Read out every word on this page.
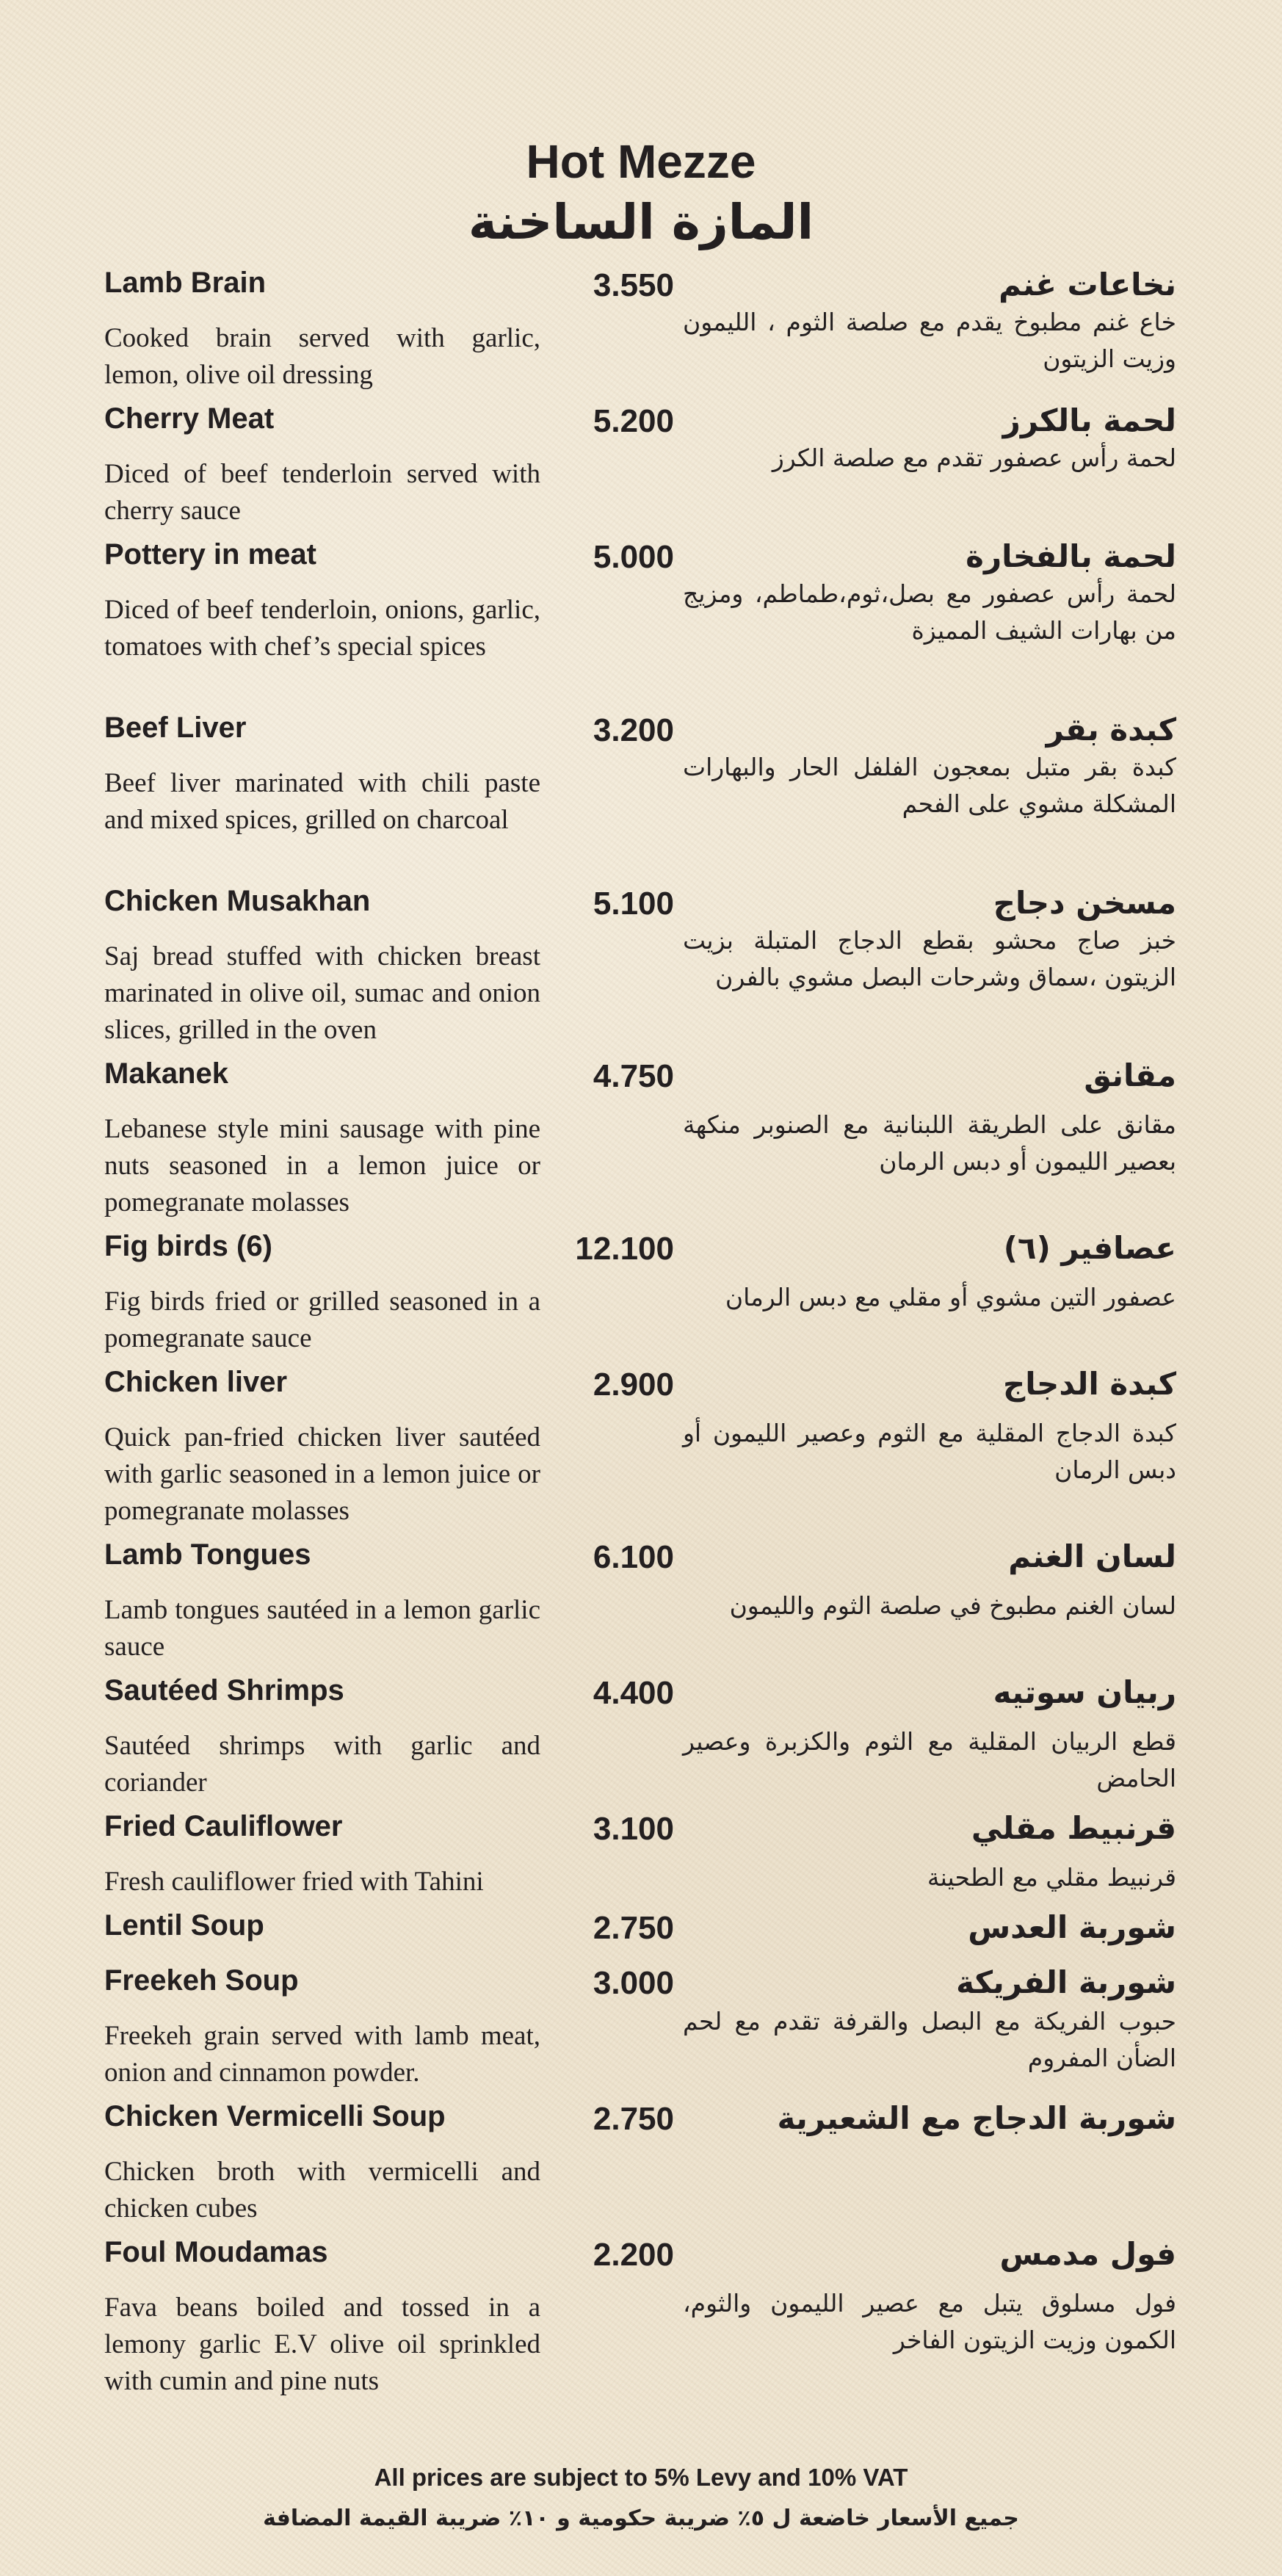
Hot Mezze
المازة الساخنة
Lamb Brain	3.550
Cooked brain served with garlic, lemon, olive oil dressing
نخاعات غنم
خاع غنم مطبوخ يقدم مع صلصة الثوم ، الليمون وزيت الزيتون
Cherry Meat	5.200
Diced of beef tenderloin served with cherry sauce
لحمة بالكرز
لحمة رأس عصفور تقدم مع صلصة الكرز
Pottery in meat	5.000
Diced of beef tenderloin, onions, garlic, tomatoes with chef’s special spices
لحمة بالفخارة
لحمة رأس عصفور مع بصل،ثوم،طماطم، ومزيج من بهارات الشيف المميزة
Beef Liver	3.200
Beef liver marinated with chili paste and mixed spices, grilled on charcoal
كبدة بقر
كبدة بقر متبل بمعجون الفلفل الحار والبهارات المشكلة مشوي على الفحم
Chicken Musakhan	5.100
Saj bread stuffed with chicken breast marinated in olive oil, sumac and onion slices, grilled in the oven
مسخن دجاج
خبز صاج محشو بقطع الدجاج المتبلة بزيت الزيتون ،سماق وشرحات البصل مشوي بالفرن
Makanek	4.750
Lebanese style mini sausage with pine nuts seasoned in a lemon juice or pomegranate molasses
مقانق
مقانق على الطريقة اللبنانية مع الصنوبر منكهة بعصير الليمون أو دبس الرمان
Fig birds (6)	12.100
Fig birds fried or grilled seasoned in a pomegranate sauce
عصافير (٦)
عصفور التين مشوي أو مقلي مع دبس الرمان
Chicken liver	2.900
Quick pan-fried chicken liver sautéed with garlic seasoned in a lemon juice or pomegranate molasses
كبدة الدجاج
كبدة الدجاج المقلية مع الثوم وعصير الليمون أو دبس الرمان
Lamb Tongues	6.100
Lamb tongues sautéed in a lemon garlic sauce
لسان الغنم
لسان الغنم مطبوخ في صلصة الثوم والليمون
Sautéed Shrimps	4.400
Sautéed shrimps with garlic and coriander
ربيان سوتيه
قطع الربيان المقلية مع الثوم والكزبرة وعصير الحامض
Fried Cauliflower	3.100
Fresh cauliflower fried with Tahini
قرنبيط مقلي
قرنبيط مقلي مع الطحينة
Lentil Soup	2.750	شوربة العدس
Freekeh Soup	3.000
Freekeh grain served with lamb meat, onion and cinnamon powder.
شوربة الفريكة
حبوب الفريكة مع البصل والقرفة تقدم مع لحم الضأن المفروم
Chicken Vermicelli Soup	2.750
Chicken broth with vermicelli and chicken cubes
شوربة الدجاج مع الشعيرية
Foul Moudamas	2.200
Fava beans boiled and tossed in a lemony garlic E.V olive oil sprinkled with cumin and pine nuts
فول مدمس
فول مسلوق يتبل مع عصير الليمون والثوم، الكمون وزيت الزيتون الفاخر
All prices are subject to 5% Levy and 10% VAT
جميع الأسعار خاضعة ل ٥٪ ضريبة حكومية و ١٠٪ ضريبة القيمة المضافة
